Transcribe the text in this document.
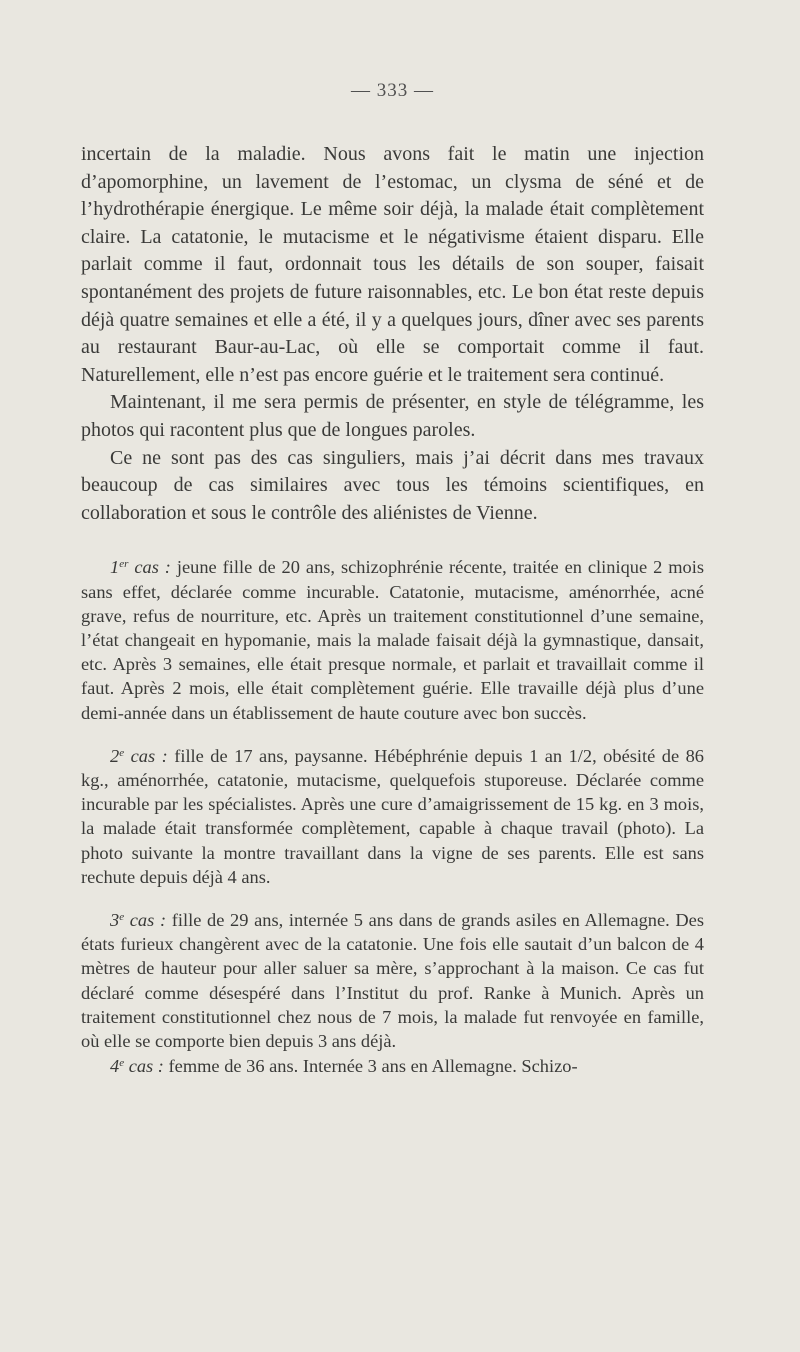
— 333 —

incertain de la maladie. Nous avons fait le matin une injection d’apomorphine, un lavement de l’estomac, un clysma de séné et de l’hydrothérapie énergique. Le même soir déjà, la malade était complètement claire. La catatonie, le mutacisme et le négativisme étaient disparu. Elle parlait comme il faut, ordonnait tous les détails de son souper, faisait spontanément des projets de future raisonnables, etc. Le bon état reste depuis déjà quatre semaines et elle a été, il y a quelques jours, dîner avec ses parents au restaurant Baur-au-Lac, où elle se comportait comme il faut. Naturellement, elle n’est pas encore guérie et le traitement sera continué.

Maintenant, il me sera permis de présenter, en style de télégramme, les photos qui racontent plus que de longues paroles.

Ce ne sont pas des cas singuliers, mais j’ai décrit dans mes travaux beaucoup de cas similaires avec tous les témoins scientifiques, en collaboration et sous le contrôle des aliénistes de Vienne.

1er cas : jeune fille de 20 ans, schizophrénie récente, traitée en clinique 2 mois sans effet, déclarée comme incurable. Catatonie, mutacisme, aménorrhée, acné grave, refus de nourriture, etc. Après un traitement constitutionnel d’une semaine, l’état changeait en hypomanie, mais la malade faisait déjà la gymnastique, dansait, etc. Après 3 semaines, elle était presque normale, et parlait et travaillait comme il faut. Après 2 mois, elle était complètement guérie. Elle travaille déjà plus d’une demi-année dans un établissement de haute couture avec bon succès.

2e cas : fille de 17 ans, paysanne. Hébéphrénie depuis 1 an 1/2, obésité de 86 kg., aménorrhée, catatonie, mutacisme, quelquefois stuporeuse. Déclarée comme incurable par les spécialistes. Après une cure d’amaigrissement de 15 kg. en 3 mois, la malade était transformée complètement, capable à chaque travail (photo). La photo suivante la montre travaillant dans la vigne de ses parents. Elle est sans rechute depuis déjà 4 ans.

3e cas : fille de 29 ans, internée 5 ans dans de grands asiles en Allemagne. Des états furieux changèrent avec de la catatonie. Une fois elle sautait d’un balcon de 4 mètres de hauteur pour aller saluer sa mère, s’approchant à la maison. Ce cas fut déclaré comme désespéré dans l’Institut du prof. Ranke à Munich. Après un traitement constitutionnel chez nous de 7 mois, la malade fut renvoyée en famille, où elle se comporte bien depuis 3 ans déjà.

4e cas : femme de 36 ans. Internée 3 ans en Allemagne. Schizo-
